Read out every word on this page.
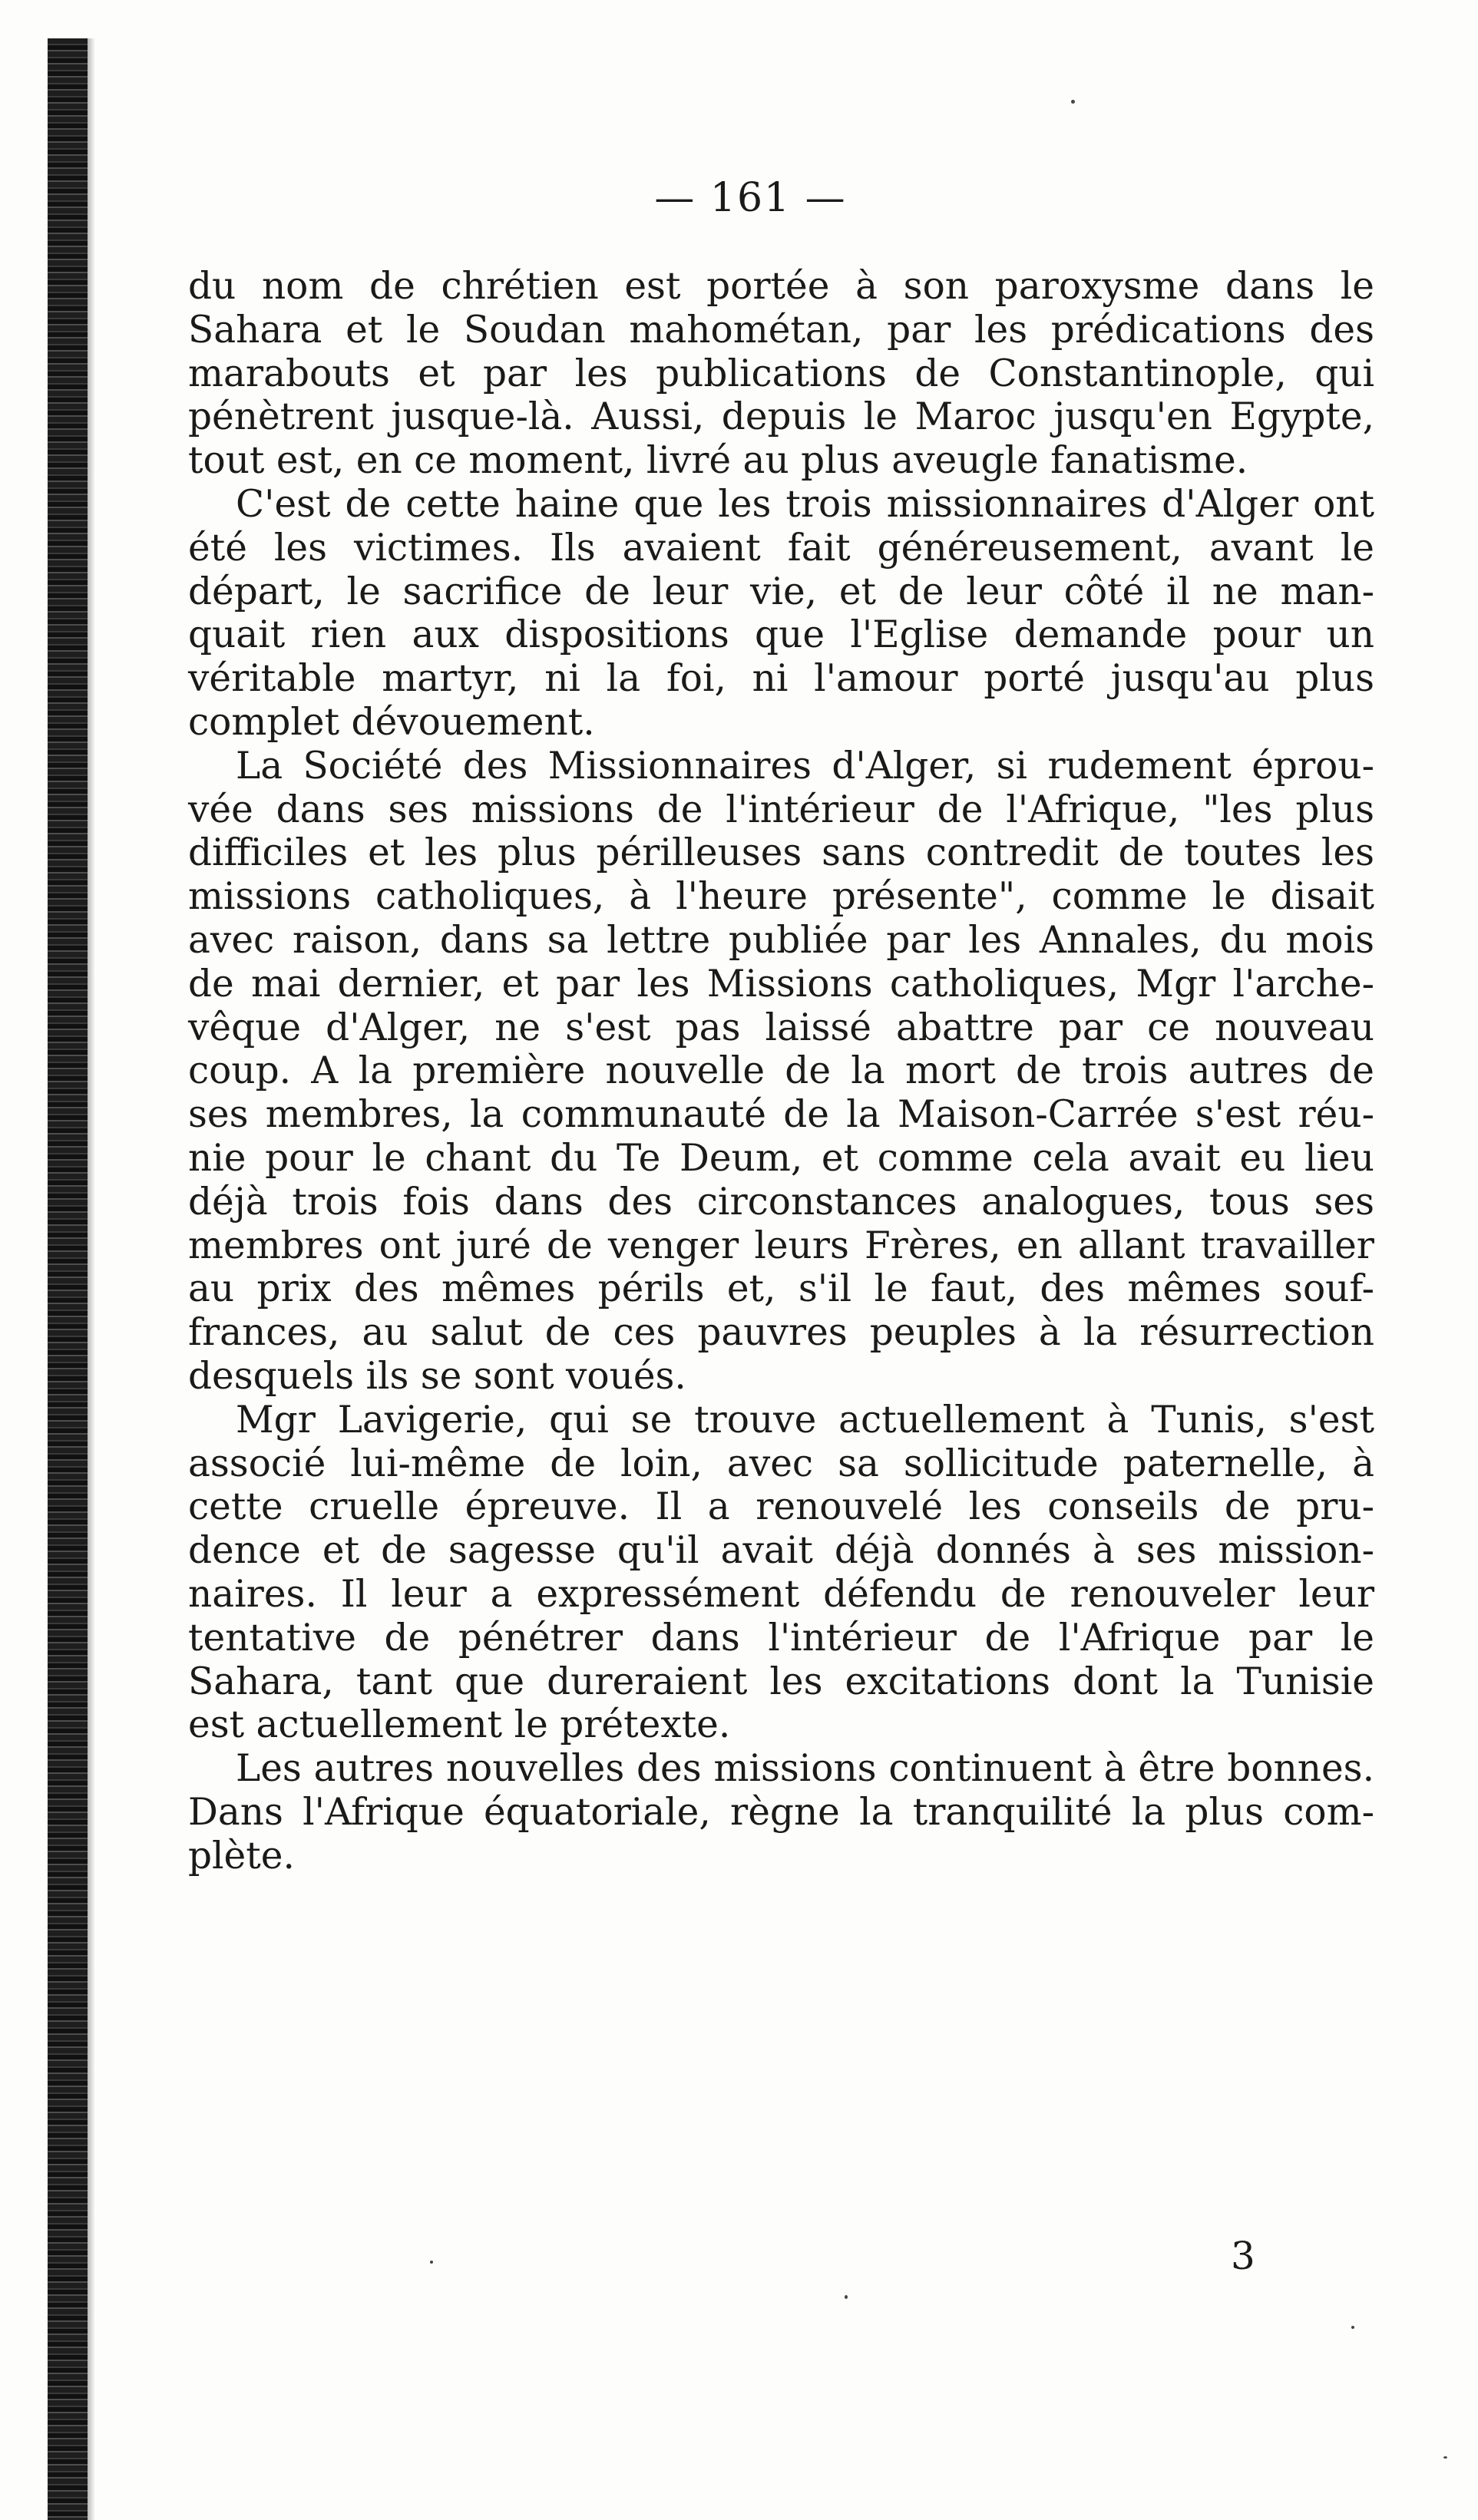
— 161 —

du nom de chrétien est portée à son paroxysme dans le
Sahara et le Soudan mahométan, par les prédications des
marabouts et par les publications de Constantinople, qui
pénètrent jusque-là. Aussi, depuis le Maroc jusqu'en Egypte,
tout est, en ce moment, livré au plus aveugle fanatisme.

C'est de cette haine que les trois missionnaires d'Alger ont
été les victimes. Ils avaient fait généreusement, avant le
départ, le sacrifice de leur vie, et de leur côté il ne man-
quait rien aux dispositions que l'Eglise demande pour un
véritable martyr, ni la foi, ni l'amour porté jusqu'au plus
complet dévouement.

La Société des Missionnaires d'Alger, si rudement éprou-
vée dans ses missions de l'intérieur de l'Afrique, "les plus
difficiles et les plus périlleuses sans contredit de toutes les
missions catholiques, à l'heure présente", comme le disait
avec raison, dans sa lettre publiée par les Annales, du mois
de mai dernier, et par les Missions catholiques, Mgr l'arche-
vêque d'Alger, ne s'est pas laissé abattre par ce nouveau
coup. A la première nouvelle de la mort de trois autres de
ses membres, la communauté de la Maison-Carrée s'est réu-
nie pour le chant du Te Deum, et comme cela avait eu lieu
déjà trois fois dans des circonstances analogues, tous ses
membres ont juré de venger leurs Frères, en allant travailler
au prix des mêmes périls et, s'il le faut, des mêmes souf-
frances, au salut de ces pauvres peuples à la résurrection
desquels ils se sont voués.

Mgr Lavigerie, qui se trouve actuellement à Tunis, s'est
associé lui-même de loin, avec sa sollicitude paternelle, à
cette cruelle épreuve. Il a renouvelé les conseils de pru-
dence et de sagesse qu'il avait déjà donnés à ses mission-
naires. Il leur a expressément défendu de renouveler leur
tentative de pénétrer dans l'intérieur de l'Afrique par le
Sahara, tant que dureraient les excitations dont la Tunisie
est actuellement le prétexte.

Les autres nouvelles des missions continuent à être bonnes.
Dans l'Afrique équatoriale, règne la tranquilité la plus com-
plète.

3
